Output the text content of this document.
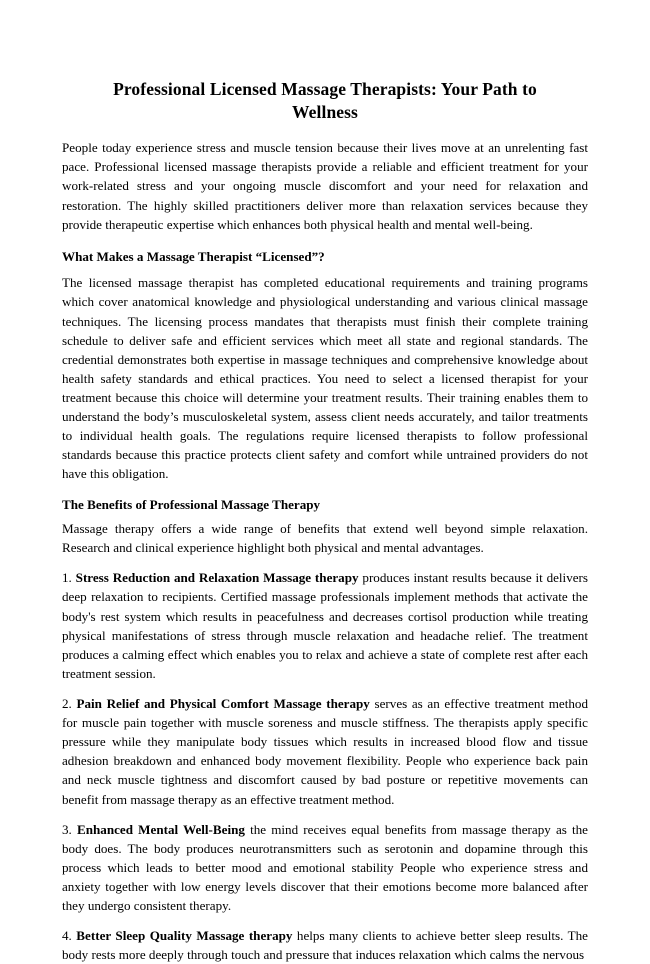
Professional Licensed Massage Therapists: Your Path to Wellness

People today experience stress and muscle tension because their lives move at an unrelenting fast pace. Professional licensed massage therapists provide a reliable and efficient treatment for your work-related stress and your ongoing muscle discomfort and your need for relaxation and restoration. The highly skilled practitioners deliver more than relaxation services because they provide therapeutic expertise which enhances both physical health and mental well-being.

What Makes a Massage Therapist “Licensed”?

The licensed massage therapist has completed educational requirements and training programs which cover anatomical knowledge and physiological understanding and various clinical massage techniques. The licensing process mandates that therapists must finish their complete training schedule to deliver safe and efficient services which meet all state and regional standards. The credential demonstrates both expertise in massage techniques and comprehensive knowledge about health safety standards and ethical practices. You need to select a licensed therapist for your treatment because this choice will determine your treatment results. Their training enables them to understand the body’s musculoskeletal system, assess client needs accurately, and tailor treatments to individual health goals. The regulations require licensed therapists to follow professional standards because this practice protects client safety and comfort while untrained providers do not have this obligation.

The Benefits of Professional Massage Therapy

Massage therapy offers a wide range of benefits that extend well beyond simple relaxation. Research and clinical experience highlight both physical and mental advantages.

1. Stress Reduction and Relaxation Massage therapy produces instant results because it delivers deep relaxation to recipients. Certified massage professionals implement methods that activate the body's rest system which results in peacefulness and decreases cortisol production while treating physical manifestations of stress through muscle relaxation and headache relief. The treatment produces a calming effect which enables you to relax and achieve a state of complete rest after each treatment session.

2. Pain Relief and Physical Comfort Massage therapy serves as an effective treatment method for muscle pain together with muscle soreness and muscle stiffness. The therapists apply specific pressure while they manipulate body tissues which results in increased blood flow and tissue adhesion breakdown and enhanced body movement flexibility. People who experience back pain and neck muscle tightness and discomfort caused by bad posture or repetitive movements can benefit from massage therapy as an effective treatment method.

3. Enhanced Mental Well-Being the mind receives equal benefits from massage therapy as the body does. The body produces neurotransmitters such as serotonin and dopamine through this process which leads to better mood and emotional stability People who experience stress and anxiety together with low energy levels discover that their emotions become more balanced after they undergo consistent therapy.

4. Better Sleep Quality Massage therapy helps many clients to achieve better sleep results. The body rests more deeply through touch and pressure that induces relaxation which calms the nervous
